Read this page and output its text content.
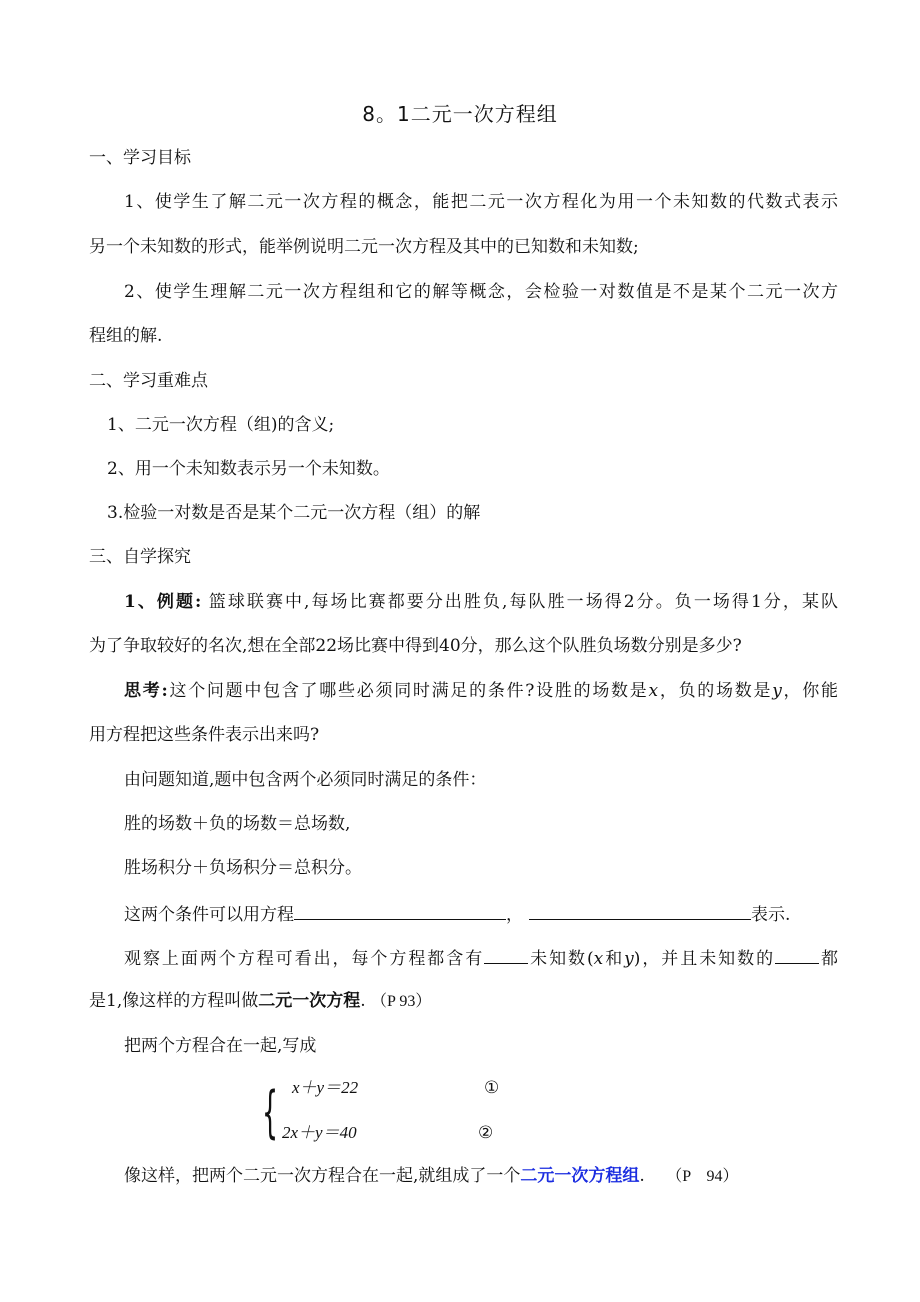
8。1二元一次方程组
一、学习目标
1、使学生了解二元一次方程的概念，能把二元一次方程化为用一个未知数的代数式表示
另一个未知数的形式，能举例说明二元一次方程及其中的已知数和未知数;
2、使学生理解二元一次方程组和它的解等概念，会检验一对数值是不是某个二元一次方
程组的解.
二、学习重难点
1、二元一次方程（组)的含义;
2、用一个未知数表示另一个未知数。
3.检验一对数是否是某个二元一次方程（组）的解
三、自学探究
1、例题: 篮球联赛中,每场比赛都要分出胜负,每队胜一场得2分。负一场得1分，某队
为了争取较好的名次,想在全部22场比赛中得到40分，那么这个队胜负场数分别是多少?
思考:这个问题中包含了哪些必须同时满足的条件?设胜的场数是x，负的场数是y，你能
用方程把这些条件表示出来吗?
由问题知道,题中包含两个必须同时满足的条件：
胜的场数＋负的场数＝总场数,
胜场积分＋负场积分＝总积分。
这两个条件可以用方程	，	表示.
观察上面两个方程可看出，每个方程都含有	未知数(x和y)，并且未知数的	都
是1,像这样的方程叫做二元一次方程. （P 93）
把两个方程合在一起,写成
{ x＋y＝22	①
2x＋y＝40	②
像这样，把两个二元一次方程合在一起,就组成了一个二元一次方程组. （P　94）
